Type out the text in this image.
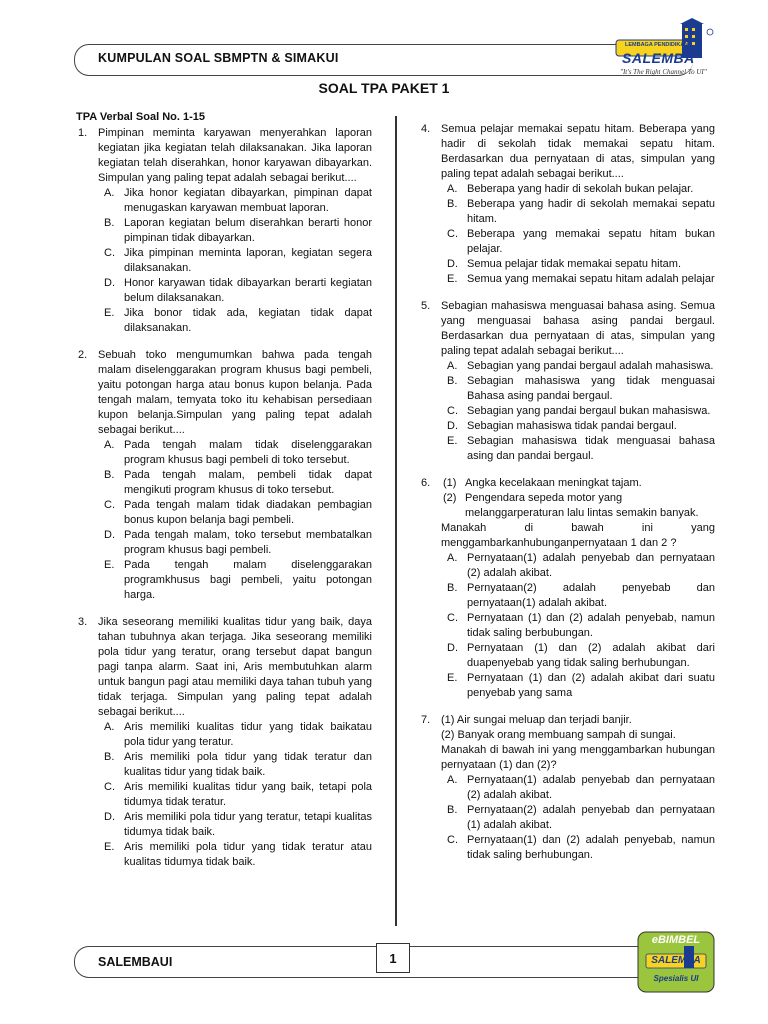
KUMPULAN SOAL SBMPTN & SIMAKUI
LEMBAGA PENDIDIKAN
SALEMBA
"It's The Right Channel To UI"
SOAL TPA PAKET 1
TPA Verbal Soal No. 1-15
1. Pimpinan meminta karyawan menyerahkan laporan kegiatan jika kegiatan telah dilaksanakan. Jika laporan kegiatan telah diserahkan, honor karyawan dibayarkan. Simpulan yang paling tepat adalah sebagai berikut....
A. Jika honor kegiatan dibayarkan, pimpinan dapat menugaskan karyawan membuat laporan.
B. Laporan kegiatan belum diserahkan berarti honor pimpinan tidak dibayarkan.
C. Jika pimpinan meminta laporan, kegiatan segera dilaksanakan.
D. Honor karyawan tidak dibayarkan berarti kegiatan belum dilaksanakan.
E. Jika bonor tidak ada, kegiatan tidak dapat dilaksanakan.
2. Sebuah toko mengumumkan bahwa pada tengah malam diselenggarakan program khusus bagi pembeli, yaitu potongan harga atau bonus kupon belanja. Pada tengah malam, temyata toko itu kehabisan persediaan kupon belanja.Simpulan yang paling tepat adalah sebagai berikut....
A. Pada tengah malam tidak diselenggarakan program khusus bagi pembeli di toko tersebut.
B. Pada tengah malam, pembeli tidak dapat mengikuti program khusus di toko tersebut.
C. Pada tengah malam tidak diadakan pembagian bonus kupon belanja bagi pembeli.
D. Pada tengah malam, toko tersebut membatalkan program khusus bagi pembeli.
E. Pada tengah malam diselenggarakan programkhusus bagi pembeli, yaitu potongan harga.
3. Jika seseorang memiliki kualitas tidur yang baik, daya tahan tubuhnya akan terjaga. Jika seseorang memiliki pola tidur yang teratur, orang tersebut dapat bangun pagi tanpa alarm. Saat ini, Aris membutuhkan alarm untuk bangun pagi atau memiliki daya tahan tubuh yang tidak terjaga. Simpulan yang paling tepat adalah sebagai berikut....
A. Aris memiliki kualitas tidur yang tidak baikatau pola tidur yang teratur.
B. Aris memiliki pola tidur yang tidak teratur dan kualitas tidur yang tidak baik.
C. Aris memiliki kualitas tidur yang baik, tetapi pola tidumya tidak teratur.
D. Aris memiliki pola tidur yang teratur, tetapi kualitas tidumya tidak baik.
E. Aris memiliki pola tidur yang tidak teratur atau kualitas tidumya tidak baik.
4. Semua pelajar memakai sepatu hitam. Beberapa yang hadir di sekolah tidak memakai sepatu hitam. Berdasarkan dua pernyataan di atas, simpulan yang paling tepat adalah sebagai berikut....
A. Beberapa yang hadir di sekolah bukan pelajar.
B. Beberapa yang hadir di sekolah memakai sepatu hitam.
C. Beberapa yang memakai sepatu hitam bukan pelajar.
D. Semua pelajar tidak memakai sepatu hitam.
E. Semua yang memakai sepatu hitam adalah pelajar
5. Sebagian mahasiswa menguasai bahasa asing. Semua yang menguasai bahasa asing pandai bergaul. Berdasarkan dua pernyataan di atas, simpulan yang paling tepat adalah sebagai berikut....
A. Sebagian yang pandai bergaul adalah mahasiswa.
B. Sebagian mahasiswa yang tidak menguasai Bahasa asing pandai bergaul.
C. Sebagian yang pandai bergaul bukan mahasiswa.
D. Sebagian mahasiswa tidak pandai bergaul.
E. Sebagian mahasiswa tidak menguasai bahasa asing dan pandai bergaul.
6. (1) Angka kecelakaan meningkat tajam.
(2) Pengendara sepeda motor yang melanggarperaturan lalu lintas semakin banyak.
Manakah di bawah ini yang menggambarkanhubunganpernyataan 1 dan 2 ?
A. Pernyataan(1) adalah penyebab dan pernyataan (2) adalah akibat.
B. Pernyataan(2) adalah penyebab dan pernyataan(1) adalah akibat.
C. Pernyataan (1) dan (2) adalah penyebab, namun tidak saling berbubungan.
D. Pernyataan (1) dan (2) adalah akibat dari duapenyebab yang tidak saling berhubungan.
E. Pernyataan (1) dan (2) adalah akibat dari suatu penyebab yang sama
7. (1) Air sungai meluap dan terjadi banjir.
(2) Banyak orang membuang sampah di sungai.
Manakah di bawah ini yang menggambarkan hubungan pernyataan (1) dan (2)?
A. Pernyataan(1) adalab penyebab dan pernyataan (2) adalah akibat.
B. Pernyataan(2) adalah penyebab dan pernyataan (1) adalah akibat.
C. Pernyataan(1) dan (2) adalah penyebab, namun tidak saling berhubungan.
SALEMBAUI	1
eBIMBEL
SALEMBA
Spesialis UI
